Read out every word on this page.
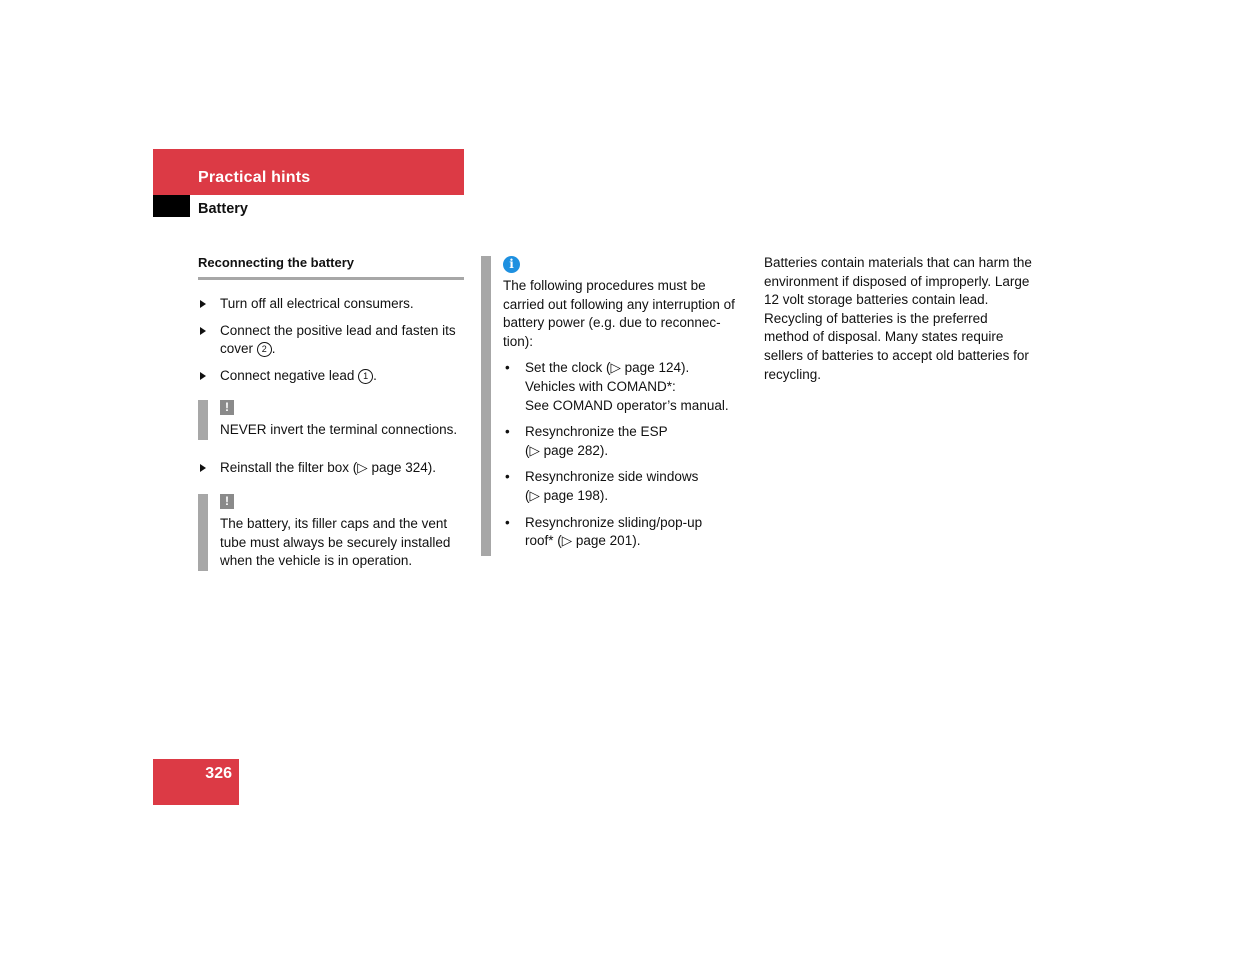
Practical hints
Battery
Reconnecting the battery
Turn off all electrical consumers.
Connect the positive lead and fasten its cover 2 .
Connect negative lead 1 .
!
NEVER invert the terminal connections.
Reinstall the filter box (▷ page 324).
!
The battery, its filler caps and the vent tube must always be securely installed when the vehicle is in operation.
i
The following procedures must be carried out following any interruption of battery power (e.g. due to reconnec-tion):
• Set the clock (▷ page 124).
Vehicles with COMAND*:
See COMAND operator’s manual.
• Resynchronize the ESP
(▷ page 282).
• Resynchronize side windows
(▷ page 198).
• Resynchronize sliding/pop-up
roof* (▷ page 201).
Batteries contain materials that can harm the environment if disposed of improperly. Large 12 volt storage batteries contain lead. Recycling of batteries is the preferred method of disposal. Many states require sellers of batteries to accept old batteries for recycling.
326
